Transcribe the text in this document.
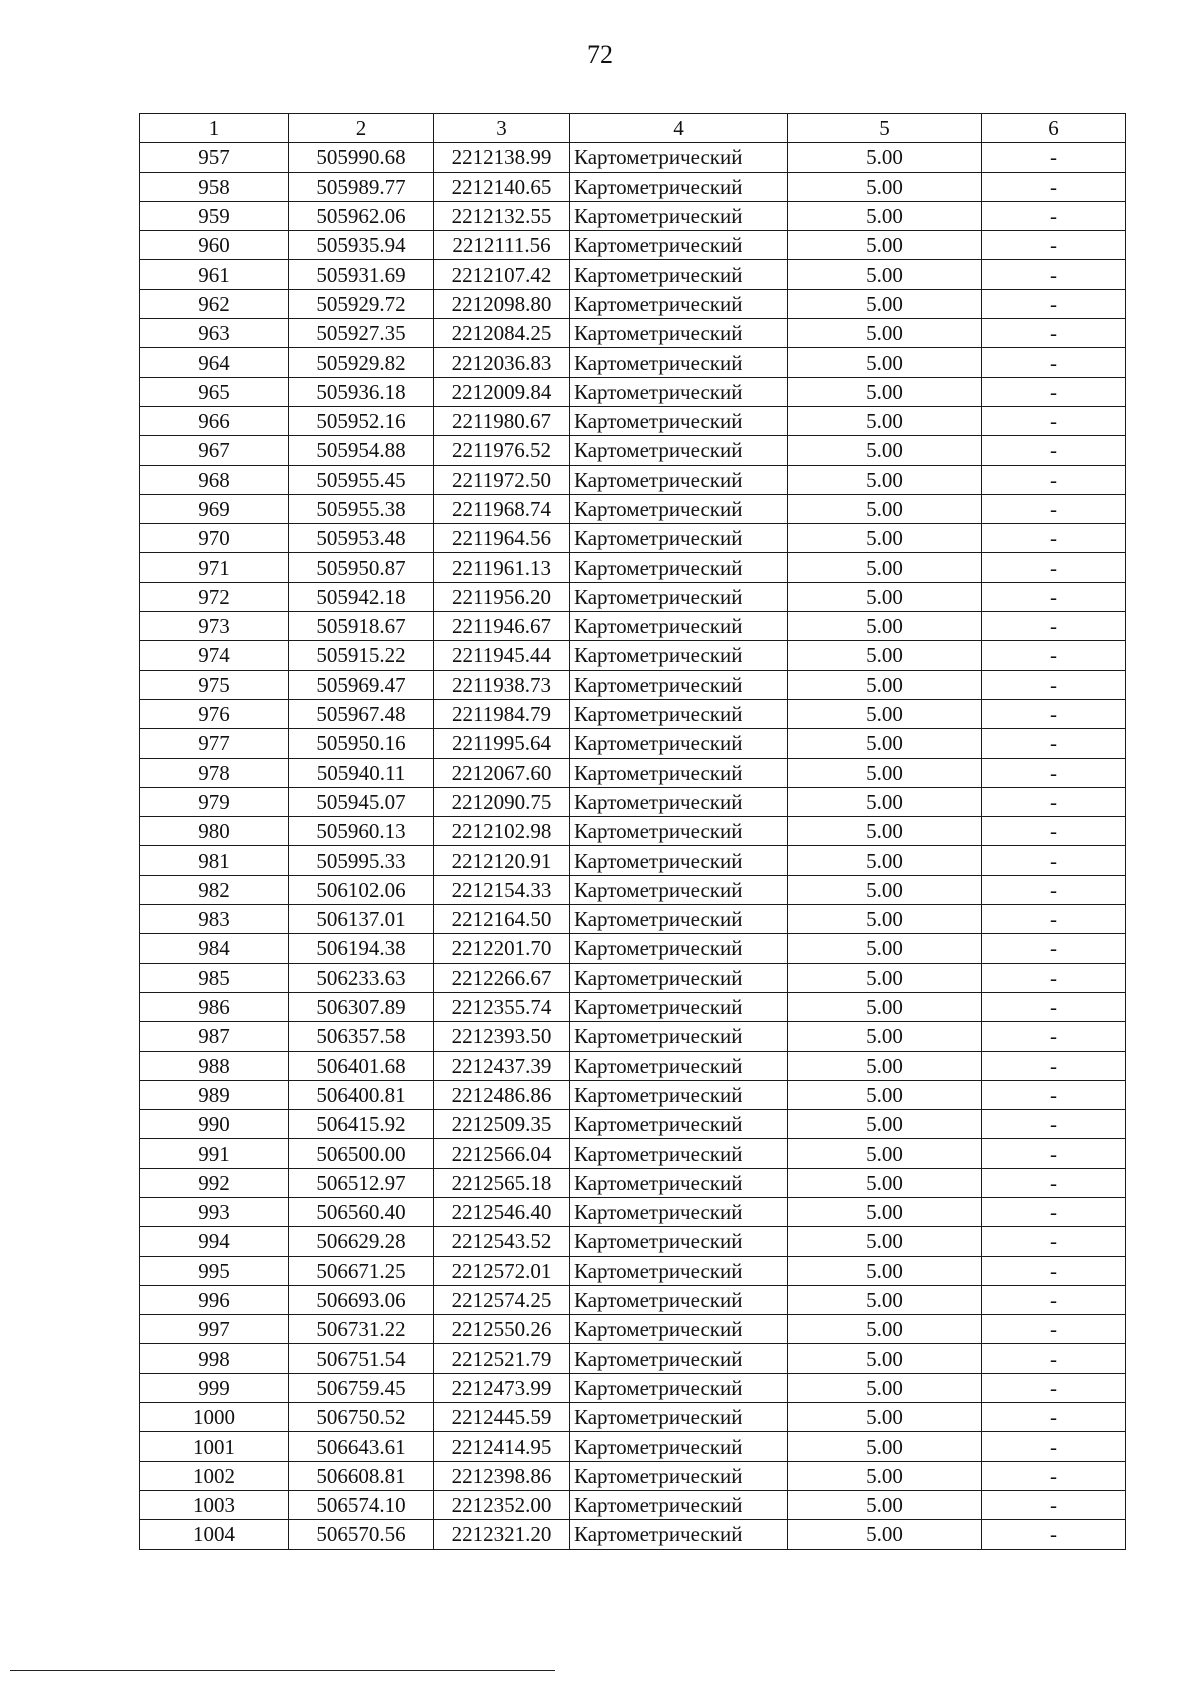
72
1	2	3	4	5	6
957	505990.68	2212138.99	Картометрический	5.00	-
958	505989.77	2212140.65	Картометрический	5.00	-
959	505962.06	2212132.55	Картометрический	5.00	-
960	505935.94	2212111.56	Картометрический	5.00	-
961	505931.69	2212107.42	Картометрический	5.00	-
962	505929.72	2212098.80	Картометрический	5.00	-
963	505927.35	2212084.25	Картометрический	5.00	-
964	505929.82	2212036.83	Картометрический	5.00	-
965	505936.18	2212009.84	Картометрический	5.00	-
966	505952.16	2211980.67	Картометрический	5.00	-
967	505954.88	2211976.52	Картометрический	5.00	-
968	505955.45	2211972.50	Картометрический	5.00	-
969	505955.38	2211968.74	Картометрический	5.00	-
970	505953.48	2211964.56	Картометрический	5.00	-
971	505950.87	2211961.13	Картометрический	5.00	-
972	505942.18	2211956.20	Картометрический	5.00	-
973	505918.67	2211946.67	Картометрический	5.00	-
974	505915.22	2211945.44	Картометрический	5.00	-
975	505969.47	2211938.73	Картометрический	5.00	-
976	505967.48	2211984.79	Картометрический	5.00	-
977	505950.16	2211995.64	Картометрический	5.00	-
978	505940.11	2212067.60	Картометрический	5.00	-
979	505945.07	2212090.75	Картометрический	5.00	-
980	505960.13	2212102.98	Картометрический	5.00	-
981	505995.33	2212120.91	Картометрический	5.00	-
982	506102.06	2212154.33	Картометрический	5.00	-
983	506137.01	2212164.50	Картометрический	5.00	-
984	506194.38	2212201.70	Картометрический	5.00	-
985	506233.63	2212266.67	Картометрический	5.00	-
986	506307.89	2212355.74	Картометрический	5.00	-
987	506357.58	2212393.50	Картометрический	5.00	-
988	506401.68	2212437.39	Картометрический	5.00	-
989	506400.81	2212486.86	Картометрический	5.00	-
990	506415.92	2212509.35	Картометрический	5.00	-
991	506500.00	2212566.04	Картометрический	5.00	-
992	506512.97	2212565.18	Картометрический	5.00	-
993	506560.40	2212546.40	Картометрический	5.00	-
994	506629.28	2212543.52	Картометрический	5.00	-
995	506671.25	2212572.01	Картометрический	5.00	-
996	506693.06	2212574.25	Картометрический	5.00	-
997	506731.22	2212550.26	Картометрический	5.00	-
998	506751.54	2212521.79	Картометрический	5.00	-
999	506759.45	2212473.99	Картометрический	5.00	-
1000	506750.52	2212445.59	Картометрический	5.00	-
1001	506643.61	2212414.95	Картометрический	5.00	-
1002	506608.81	2212398.86	Картометрический	5.00	-
1003	506574.10	2212352.00	Картометрический	5.00	-
1004	506570.56	2212321.20	Картометрический	5.00	-
